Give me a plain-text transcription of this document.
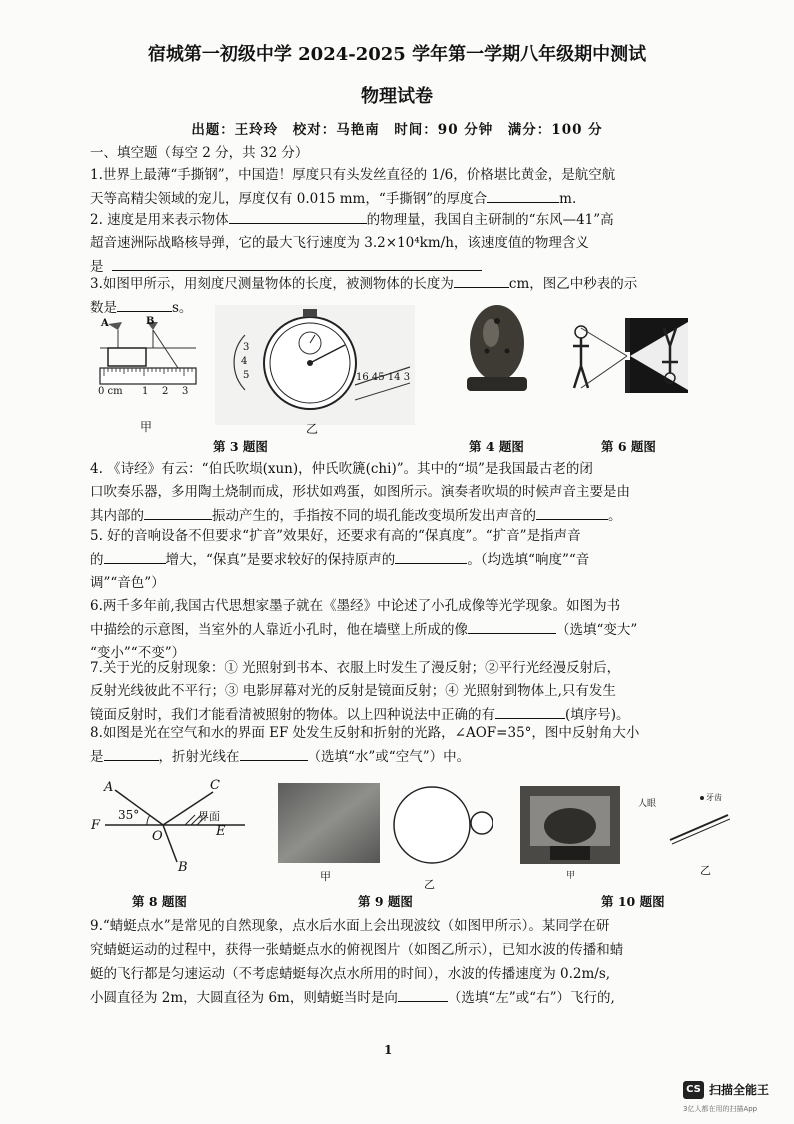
宿城第一初级中学 2024-2025 学年第一学期八年级期中测试
物理试卷
出题：王玲玲　校对：马艳南　时间：90 分钟　满分：100 分
一、填空题（每空 2 分，共 32 分）
1.世界上最薄“手撕钢”，中国造！厚度只有头发丝直径的 1/6，价格堪比黄金，是航空航
天等高精尖领域的宠儿，厚度仅有 0.015 mm，“手撕钢”的厚度合	m.
2. 速度是用来表示物体	的物理量，我国自主研制的“东风—41”高
超音速洲际战略核导弹，它的最大飞行速度为 3.2×10⁴km/h，该速度值的物理含义
是
3.如图甲所示，用刻度尺测量物体的长度，被测物体的长度为	cm，图乙中秒表的示
数是	s。
A	B
0 cm 1 2 3
甲
3
4
5	16 45 14 3
乙
第 3 题图	第 4 题图	第 6 题图
4. 《诗经》有云：“伯氏吹埙(xun)，仲氏吹篪(chi)”。其中的“埙”是我国最古老的闭
口吹奏乐器，多用陶土烧制而成，形状如鸡蛋，如图所示。演奏者吹埙的时候声音主要是由
其内部的	振动产生的，手指按不同的埙孔能改变埙所发出声音的	。
5. 好的音响设备不但要求“扩音”效果好，还要求有高的“保真度”。“扩音”是指声音
的	增大，“保真”是要求较好的保持原声的	。（均选填“响度”“音
调”“音色”）
6.两千多年前,我国古代思想家墨子就在《墨经》中论述了小孔成像等光学现象。如图为书
中描绘的示意图，当室外的人靠近小孔时，他在墙壁上所成的像	（选填“变大”
“变小”“不变”）
7.关于光的反射现象：① 光照射到书本、衣服上时发生了漫反射；②平行光经漫反射后，
反射光线彼此不平行；③ 电影屏幕对光的反射是镜面反射；④ 光照射到物体上,只有发生
镜面反射时，我们才能看清被照射的物体。以上四种说法中正确的有	(填序号)。
8.如图是光在空气和水的界面 EF 处发生反射和折射的光路，∠AOF=35°，图中反射角大小
是	，折射光线在	（选填“水”或“空气”）中。
A	C
F
O	E
B
35°	界面
甲
乙
甲
人眼
牙齿
乙
第 8 题图	第 9 题图	第 10 题图
9.“蜻蜓点水”是常见的自然现象，点水后水面上会出现波纹（如图甲所示）。某同学在研
究蜻蜓运动的过程中，获得一张蜻蜓点水的俯视图片（如图乙所示），已知水波的传播和蜻
蜓的飞行都是匀速运动（不考虑蜻蜓每次点水所用的时间），水波的传播速度为 0.2m/s,
小圆直径为 2m，大圆直径为 6m，则蜻蜓当时是向	（选填“左”或“右”）飞行的,
1
CS 扫描全能王
3亿人都在用的扫描App
